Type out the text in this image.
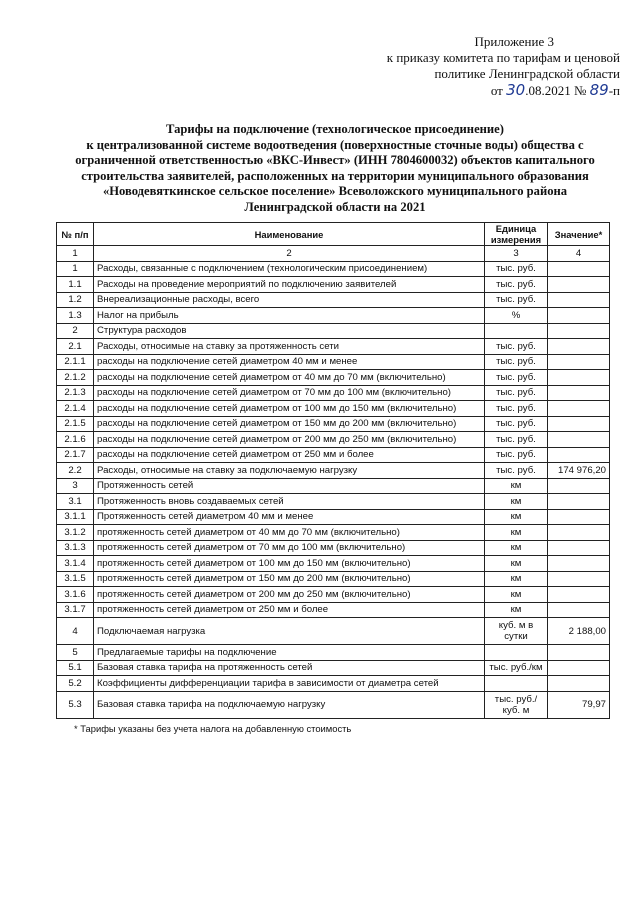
Приложение 3
к приказу комитета по тарифам и ценовой
политике Ленинградской области
от 30.08.2021 № 89-п
Тарифы на подключение (технологическое присоединение)
к централизованной системе водоотведения (поверхностные сточные воды) общества с
ограниченной ответственностью «ВКС-Инвест» (ИНН 7804600032) объектов капитального
строительства заявителей, расположенных на территории муниципального образования
«Новодевяткинское сельское поселение» Всеволожского муниципального района
Ленинградской области на 2021
№ п/п	Наименование	Единица измерения	Значение*
1	2	3	4
1	Расходы, связанные с подключением (технологическим присоединением)	тыс. руб.	
1.1	Расходы на проведение мероприятий по подключению заявителей	тыс. руб.	
1.2	Внереализационные расходы, всего	тыс. руб.	
1.3	Налог на прибыль	%	
2	Структура расходов		
2.1	Расходы, относимые на ставку за протяженность сети	тыс. руб.	
2.1.1	расходы на подключение сетей диаметром 40 мм и менее	тыс. руб.	
2.1.2	расходы на подключение сетей диаметром от 40 мм до 70 мм (включительно)	тыс. руб.	
2.1.3	расходы на подключение сетей диаметром от 70 мм до 100 мм (включительно)	тыс. руб.	
2.1.4	расходы на подключение сетей диаметром от 100 мм до 150 мм (включительно)	тыс. руб.	
2.1.5	расходы на подключение сетей диаметром от 150 мм до 200 мм (включительно)	тыс. руб.	
2.1.6	расходы на подключение сетей диаметром от 200 мм до 250 мм (включительно)	тыс. руб.	
2.1.7	расходы на подключение сетей диаметром от 250 мм и более	тыс. руб.	
2.2	Расходы, относимые на ставку за подключаемую нагрузку	тыс. руб.	174 976,20
3	Протяженность сетей	км	
3.1	Протяженность вновь создаваемых сетей	км	
3.1.1	Протяженность сетей диаметром 40 мм и менее	км	
3.1.2	протяженность сетей диаметром от 40 мм до 70 мм (включительно)	км	
3.1.3	протяженность сетей диаметром от 70 мм до 100 мм (включительно)	км	
3.1.4	протяженность сетей диаметром от 100 мм до 150 мм (включительно)	км	
3.1.5	протяженность сетей диаметром от 150 мм до 200 мм (включительно)	км	
3.1.6	протяженность сетей диаметром от 200 мм до 250 мм (включительно)	км	
3.1.7	протяженность сетей диаметром от 250 мм и более	км	
4	Подключаемая нагрузка	куб. м в сутки	2 188,00
5	Предлагаемые тарифы на подключение		
5.1	Базовая ставка тарифа на протяженность сетей	тыс. руб./км	
5.2	Коэффициенты дифференциации тарифа в зависимости от диаметра сетей		
5.3	Базовая ставка тарифа на подключаемую нагрузку	тыс. руб./куб. м	79,97
* Тарифы указаны без учета налога на добавленную стоимость
